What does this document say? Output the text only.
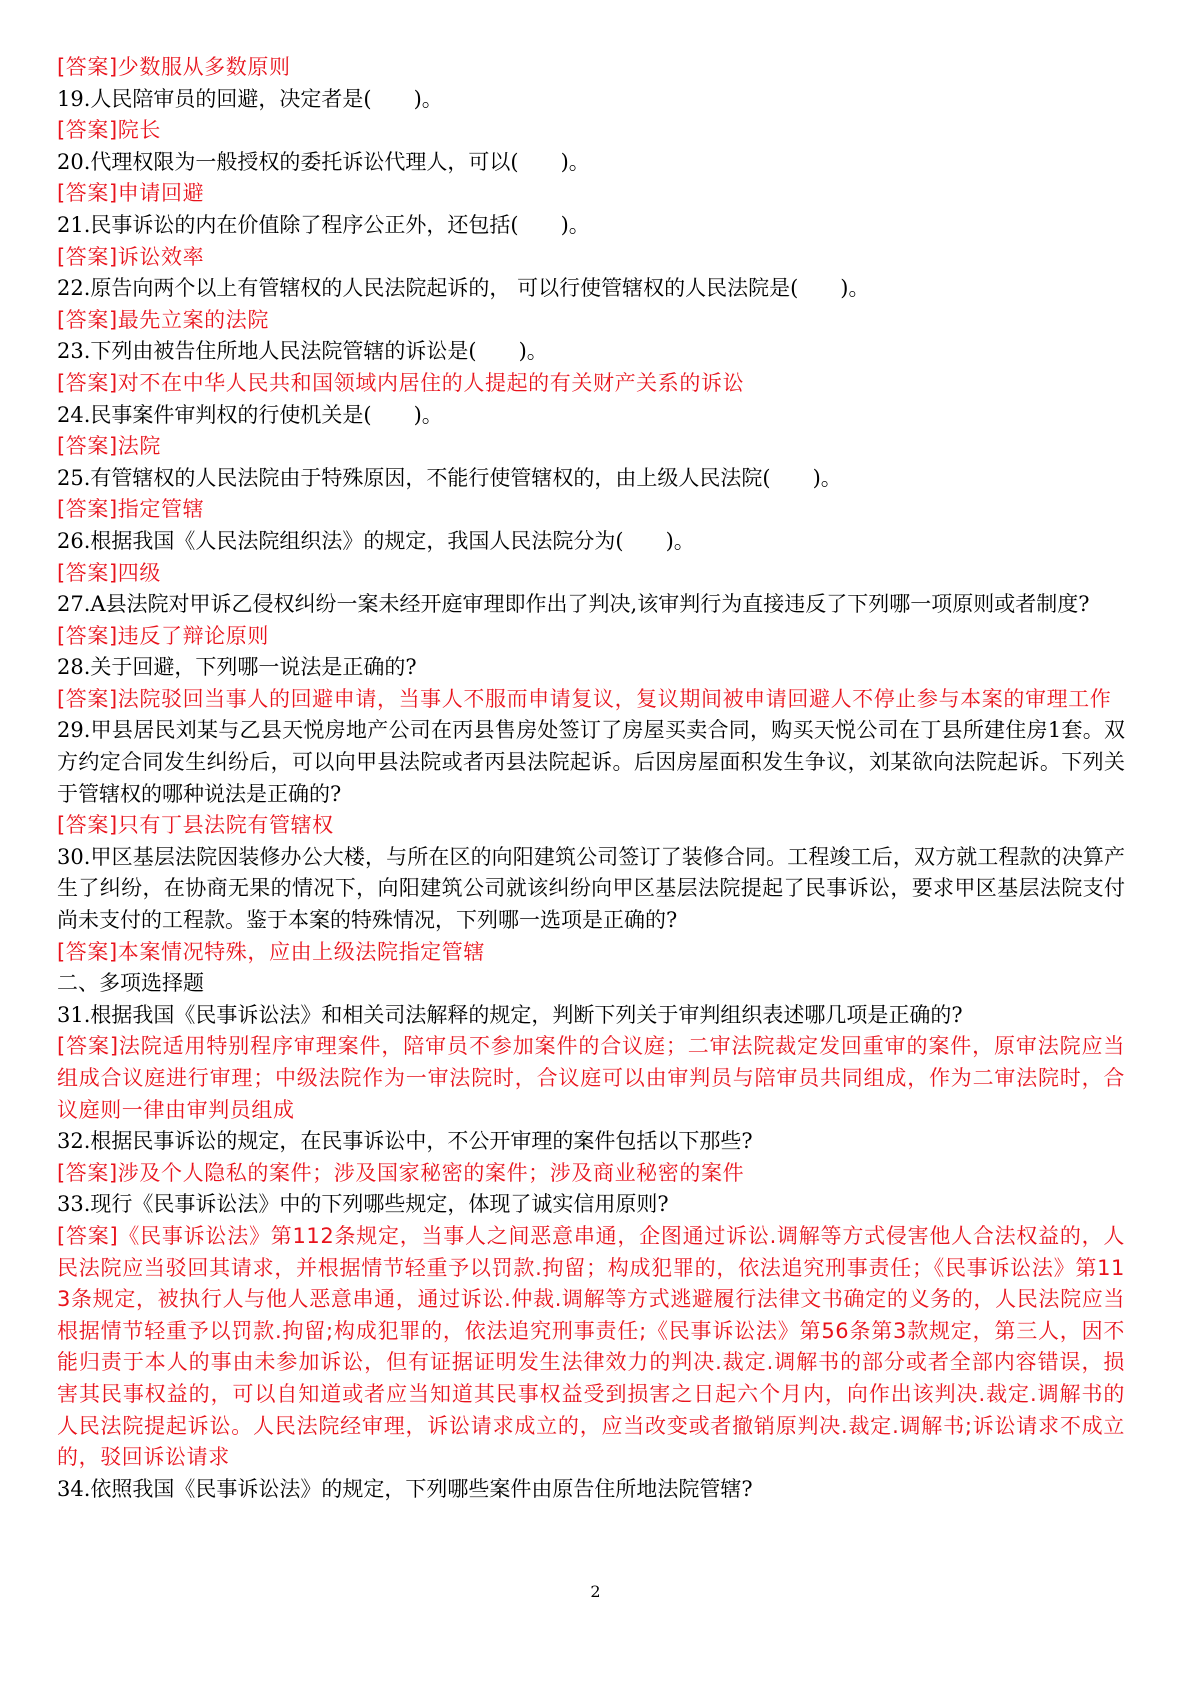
[答案]少数服从多数原则

19.人民陪审员的回避，决定者是(　　)。

[答案]院长

20.代理权限为一般授权的委托诉讼代理人，可以(　　)。

[答案]申请回避

21.民事诉讼的内在价值除了程序公正外，还包括(　　)。

[答案]诉讼效率

22.原告向两个以上有管辖权的人民法院起诉的， 可以行使管辖权的人民法院是(　　)。

[答案]最先立案的法院

23.下列由被告住所地人民法院管辖的诉讼是(　　)。

[答案]对不在中华人民共和国领域内居住的人提起的有关财产关系的诉讼

24.民事案件审判权的行使机关是(　　)。

[答案]法院

25.有管辖权的人民法院由于特殊原因，不能行使管辖权的，由上级人民法院(　　)。

[答案]指定管辖

26.根据我国《人民法院组织法》的规定，我国人民法院分为(　　)。

[答案]四级

27.A县法院对甲诉乙侵权纠纷一案未经开庭审理即作出了判决,该审判行为直接违反了下列哪一项原则或者制度?

[答案]违反了辩论原则

28.关于回避，下列哪一说法是正确的?

[答案]法院驳回当事人的回避申请，当事人不服而申请复议，复议期间被申请回避人不停止参与本案的审理工作

29.甲县居民刘某与乙县天悦房地产公司在丙县售房处签订了房屋买卖合同，购买天悦公司在丁县所建住房1套。双方约定合同发生纠纷后，可以向甲县法院或者丙县法院起诉。后因房屋面积发生争议，刘某欲向法院起诉。下列关于管辖权的哪种说法是正确的?

[答案]只有丁县法院有管辖权

30.甲区基层法院因装修办公大楼，与所在区的向阳建筑公司签订了装修合同。工程竣工后，双方就工程款的决算产生了纠纷，在协商无果的情况下，向阳建筑公司就该纠纷向甲区基层法院提起了民事诉讼，要求甲区基层法院支付尚未支付的工程款。鉴于本案的特殊情况，下列哪一选项是正确的?

[答案]本案情况特殊，应由上级法院指定管辖

二、多项选择题

31.根据我国《民事诉讼法》和相关司法解释的规定，判断下列关于审判组织表述哪几项是正确的?

[答案]法院适用特别程序审理案件，陪审员不参加案件的合议庭；二审法院裁定发回重审的案件，原审法院应当组成合议庭进行审理；中级法院作为一审法院时，合议庭可以由审判员与陪审员共同组成，作为二审法院时，合议庭则一律由审判员组成

32.根据民事诉讼的规定，在民事诉讼中，不公开审理的案件包括以下那些?

[答案]涉及个人隐私的案件；涉及国家秘密的案件；涉及商业秘密的案件

33.现行《民事诉讼法》中的下列哪些规定，体现了诚实信用原则?

[答案]《民事诉讼法》第112条规定，当事人之间恶意串通，企图通过诉讼.调解等方式侵害他人合法权益的，人民法院应当驳回其请求，并根据情节轻重予以罚款.拘留；构成犯罪的，依法追究刑事责任；《民事诉讼法》第113条规定，被执行人与他人恶意串通，通过诉讼.仲裁.调解等方式逃避履行法律文书确定的义务的，人民法院应当根据情节轻重予以罚款.拘留;构成犯罪的，依法追究刑事责任;《民事诉讼法》第56条第3款规定，第三人，因不能归责于本人的事由未参加诉讼，但有证据证明发生法律效力的判决.裁定.调解书的部分或者全部内容错误，损害其民事权益的，可以自知道或者应当知道其民事权益受到损害之日起六个月内，向作出该判决.裁定.调解书的人民法院提起诉讼。人民法院经审理，诉讼请求成立的，应当改变或者撤销原判决.裁定.调解书;诉讼请求不成立的，驳回诉讼请求

34.依照我国《民事诉讼法》的规定，下列哪些案件由原告住所地法院管辖?

2
